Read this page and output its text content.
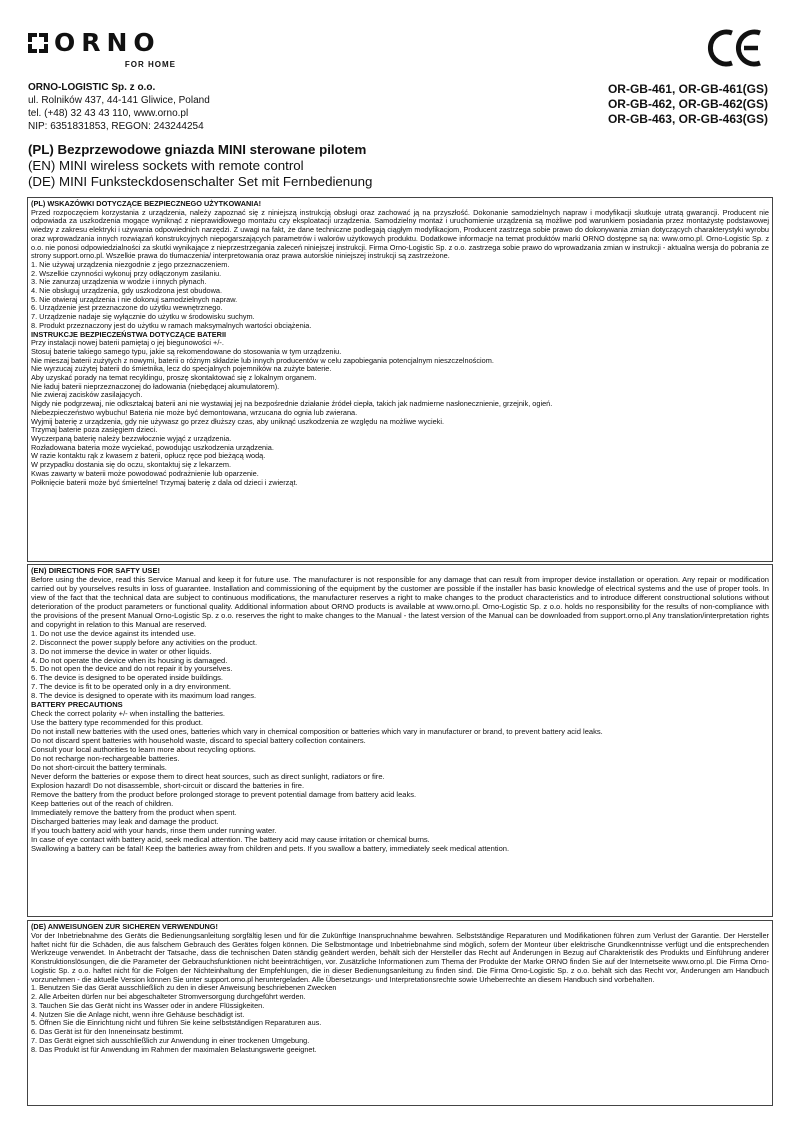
ORNO
FOR HOME
ORNO-LOGISTIC Sp. z o.o.
ul. Rolników 437, 44-141 Gliwice, Poland
tel. (+48) 32 43 43 110, www.orno.pl
NIP: 6351831853, REGON: 243244254
OR-GB-461, OR-GB-461(GS)
OR-GB-462, OR-GB-462(GS)
OR-GB-463, OR-GB-463(GS)
(PL) Bezprzewodowe gniazda MINI sterowane pilotem
(EN) MINI wireless sockets with remote control
(DE) MINI Funksteckdosenschalter Set mit Fernbedienung

(PL) WSKAZÓWKI DOTYCZĄCE BEZPIECZNEGO UŻYTKOWANIA!

Przed rozpoczęciem korzystania z urządzenia, należy zapoznać się z niniejszą instrukcją obsługi oraz zachować ją na przyszłość. Dokonanie samodzielnych napraw i modyfikacji skutkuje utratą gwarancji. Producent nie odpowiada za uszkodzenia mogące wyniknąć z nieprawidłowego montażu czy eksploatacji urządzenia. Samodzielny montaż i uruchomienie urządzenia są możliwe pod warunkiem posiadania przez montażystę podstawowej wiedzy z zakresu elektryki i używania odpowiednich narzędzi. Z uwagi na fakt, że dane techniczne podlegają ciągłym modyfikacjom, Producent zastrzega sobie prawo do dokonywania zmian dotyczących charakterystyki wyrobu oraz wprowadzania innych rozwiązań konstrukcyjnych niepogarszających parametrów i walorów użytkowych produktu. Dodatkowe informacje na temat produktów marki ORNO dostępne są na: www.orno.pl. Orno-Logistic Sp. z o.o. nie ponosi odpowiedzialności za skutki wynikające z nieprzestrzegania zaleceń niniejszej instrukcji. Firma Orno-Logistic Sp. z o.o. zastrzega sobie prawo do wprowadzania zmian w instrukcji - aktualna wersja do pobrania ze strony support.orno.pl. Wszelkie prawa do tłumaczenia/ interpretowania oraz prawa autorskie niniejszej instrukcji są zastrzeżone.

1. Nie używaj urządzenia niezgodnie z jego przeznaczeniem.

2. Wszelkie czynności wykonuj przy odłączonym zasilaniu.

3. Nie zanurzaj urządzenia w wodzie i innych płynach.

4. Nie obsługuj urządzenia, gdy uszkodzona jest obudowa.

5. Nie otwieraj urządzenia i nie dokonuj samodzielnych napraw.

6. Urządzenie jest przeznaczone do użytku wewnętrznego.

7. Urządzenie nadaje się wyłącznie do użytku w środowisku suchym.

8. Produkt przeznaczony jest do użytku w ramach maksymalnych wartości obciążenia.

INSTRUKCJE BEZPIECZEŃSTWA DOTYCZĄCE BATERII

Przy instalacji nowej baterii pamiętaj o jej biegunowości +/-.

Stosuj baterie takiego samego typu, jakie są rekomendowane do stosowania w tym urządzeniu.

Nie mieszaj baterii zużytych z nowymi, baterii o różnym składzie lub innych producentów w celu zapobiegania potencjalnym nieszczelnościom.

Nie wyrzucaj zużytej baterii do śmietnika, lecz do specjalnych pojemników na zużyte baterie.

Aby uzyskać porady na temat recyklingu, proszę skontaktować się z lokalnym organem.

Nie ładuj baterii nieprzeznaczonej do ładowania (niebędącej akumulatorem).

Nie zwieraj zacisków zasilających.

Nigdy nie podgrzewaj, nie odkształcaj baterii ani nie wystawiaj jej na bezpośrednie działanie źródeł ciepła, takich jak nadmierne nasłonecznienie, grzejnik, ogień.

Niebezpieczeństwo wybuchu! Bateria nie może być demontowana, wrzucana do ognia lub zwierana.

Wyjmij baterię z urządzenia, gdy nie używasz go przez dłuższy czas, aby uniknąć uszkodzenia ze względu na możliwe wycieki.

Trzymaj baterie poza zasięgiem dzieci.

Wyczerpaną baterię należy bezzwłocznie wyjąć z urządzenia.

Rozładowana bateria może wyciekać, powodując uszkodzenia urządzenia.

W razie kontaktu rąk z kwasem z baterii, opłucz ręce pod bieżącą wodą.

W przypadku dostania się do oczu, skontaktuj się z lekarzem.

Kwas zawarty w baterii może powodować podrażnienie lub oparzenie.

Połknięcie baterii może być śmiertelne! Trzymaj baterię z dala od dzieci i zwierząt.

(EN) DIRECTIONS FOR SAFTY USE!

Before using the device, read this Service Manual and keep it for future use. The manufacturer is not responsible for any damage that can result from improper device installation or operation. Any repair or modification carried out by yourselves results in loss of guarantee. Installation and commissioning of the equipment by the customer are possible if the installer has basic knowledge of electrical systems and the use of proper tools. In view of the fact that the technical data are subject to continuous modifications, the manufacturer reserves a right to make changes to the product characteristics and to introduce different constructional solutions without deterioration of the product parameters or functional quality. Additional information about ORNO products is available at www.orno.pl. Orno-Logistic Sp. z o.o. holds no responsibility for the results of non-compliance with the provisions of the present Manual Orno-Logistic Sp. z o.o. reserves the right to make changes to the Manual - the latest version of the Manual can be downloaded from support.orno.pl Any translation/interpretation rights and copyright in relation to this Manual are reserved.

1. Do not use the device against its intended use.

2. Disconnect the power supply before any activities on the product.

3. Do not immerse the device in water or other liquids.

4. Do not operate the device when its housing is damaged.

5. Do not open the device and do not repair it by yourselves.

6. The device is designed to be operated inside buildings.

7. The device is fit to be operated only in a dry environment.

8. The device is designed to operate with its maximum load ranges.

BATTERY PRECAUTIONS

Check the correct polarity +/- when installing the batteries.

Use the battery type recommended for this product.

Do not install new batteries with the used ones, batteries which vary in chemical composition or batteries which vary in manufacturer or brand, to prevent battery acid leaks.

Do not discard spent batteries with household waste, discard to special battery collection containers.

Consult your local authorities to learn more about recycling options.

Do not recharge non-rechargeable batteries.

Do not short-circuit the battery terminals.

Never deform the batteries or expose them to direct heat sources, such as direct sunlight, radiators or fire.

Explosion hazard! Do not disassemble, short-circuit or discard the batteries in fire.

Remove the battery from the product before prolonged storage to prevent potential damage from battery acid leaks.

Keep batteries out of the reach of children.

Immediately remove the battery from the product when spent.

Discharged batteries may leak and damage the product.

If you touch battery acid with your hands, rinse them under running water.

In case of eye contact with battery acid, seek medical attention. The battery acid may cause irritation or chemical burns.

Swallowing a battery can be fatal! Keep the batteries away from children and pets. If you swallow a battery, immediately seek medical attention.

(DE) ANWEISUNGEN ZUR SICHEREN VERWENDUNG!

Vor der Inbetriebnahme des Geräts die Bedienungsanleitung sorgfältig lesen und für die Zukünftige Inanspruchnahme bewahren. Selbstständige Reparaturen und Modifikationen führen zum Verlust der Garantie. Der Hersteller haftet nicht für die Schäden, die aus falschem Gebrauch des Gerätes folgen können. Die Selbstmontage und Inbetriebnahme sind möglich, sofern der Monteur über elektrische Grundkenntnisse verfügt und die entsprechenden Werkzeuge verwendet. In Anbetracht der Tatsache, dass die technischen Daten ständig geändert werden, behält sich der Hersteller das Recht auf Änderungen in Bezug auf Charakteristik des Produkts und Einführung anderer Konstruktionslösungen, die die Parameter der Gebrauchsfunktionen nicht beeinträchtigen, vor. Zusätzliche Informationen zum Thema der Produkte der Marke ORNO finden Sie auf der Internetseite www.orno.pl. Die Firma Orno-Logistic Sp. z o.o. haftet nicht für die Folgen der Nichteinhaltung der Empfehlungen, die in dieser Bedienungsanleitung zu finden sind. Die Firma Orno-Logistic Sp. z o.o. behält sich das Recht vor, Änderungen am Handbuch vorzunehmen - die aktuelle Version können Sie unter support.orno.pl heruntergeladen. Alle Übersetzungs- und Interpretationsrechte sowie Urheberrechte an diesem Handbuch sind vorbehalten.

1. Benutzen Sie das Gerät ausschließlich zu den in dieser Anweisung beschriebenen Zwecken

2. Alle Arbeiten dürfen nur bei abgeschalteter Stromversorgung durchgeführt werden.

3. Tauchen Sie das Gerät nicht ins Wasser oder in andere Flüssigkeiten.

4. Nutzen Sie die Anlage nicht, wenn ihre Gehäuse beschädigt ist.

5. Öffnen Sie die Einrichtung nicht und führen Sie keine selbstständigen Reparaturen aus.

6. Das Gerät ist für den Inneneinsatz bestimmt.

7. Das Gerät eignet sich ausschließlich zur Anwendung in einer trockenen Umgebung.

8. Das Produkt ist für Anwendung im Rahmen der maximalen Belastungswerte geeignet.
